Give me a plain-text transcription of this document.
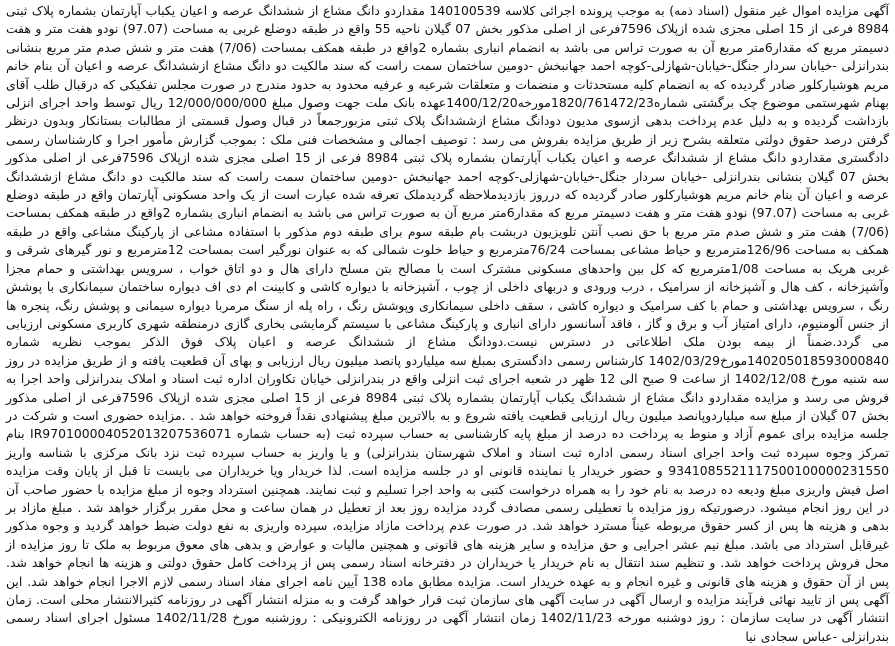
آگهی مزایده اموال غیر منقول (اسناد ذمه) به موجب پرونده اجرائی کلاسه 140100539 مقدارد‌و دانگ مشاع از ششدانگ عرصه و اعیان یکباب آپارتمان بشماره پلاک ثبتی 8984 فرعی از 15 اصلی مجزی شده ازپلاک 7596فرعی از اصلی مذکور بخش 07 گیلان ناحیه 55 واقع در طبقه دوضلع غربی به مساحت (97.07) نودو هفت متر و هفت دسیمتر مربع که مقدار6متر مربع آن به صورت تراس می باشد به انضمام انباری بشماره 2واقع در طبقه همکف بمساحت (7/06) هفت متر و شش صدم متر مربع بنشانی بندرانزلی -خیابان سردار جنگل-خیابان-شهازلی-کوچه احمد جهانبخش -دومین ساختمان سمت راست که سند مالکیت دو دانگ مشاع ازششدانگ عرصه و اعیان آن بنام خانم مریم هوشیارکلور صادر گردیده که به انضمام کلیه مستحدثات و منضمات و متعلقات شرعیه و عرفیه محدود به حدود مندرج در صورت مجلس تفکیکی که درقبال طلب آقای بهنام شهرستمی موضوع چک برگشتی شماره1820/761472/23مورخه1400/12/20عهده بانک ملت جهت وصول مبلغ 12/000/000/000 ریال توسط واحد اجرای انزلی بازداشت گردیده و به دلیل عدم پرداخت بدهی ازسوی مدیون دودانگ مشاع ازششدانگ پلاک ثبتی مزبورجمعاً در قبال وصول قسمتی از مطالبات بستانکار وبدون درنظر گرفتن درصد حقوق دولتی متعلقه بشرح زیر از طریق مزایده بفروش می رسد : توصیف اجمالی و مشخصات فنی ملک : بموجب گزارش مأمور اجرا و کارشناسان رسمی دادگستری مقداردو دانگ مشاع از ششدانگ عرصه و اعیان یکباب آپارتمان بشماره پلاک ثبتی 8984 فرعی از 15 اصلی مجزی شده ازپلاک 7596فرعی از اصلی مذکور بخش 07 گیلان بنشانی بندرانزلی -خیابان سردار جنگل-خیابان-شهازلی-کوچه احمد جهانبخش -دومین ساختمان سمت راست که سند مالکیت دو دانگ مشاع ازششدانگ عرصه و اعیان آن بنام خانم مریم هوشیارکلور صادر گردیده که درروز بازدیدملاحظه گردیدملک تعرفه شده عبارت است از یک واحد مسکونی آپارتمان واقع در طبقه دوضلع غربی به مساحت (97.07) نودو هفت متر و هفت دسیمتر مربع که مقدار6متر مربع آن به صورت تراس می باشد به انضمام انباری بشماره 2واقع در طبقه همکف بمساحت (7/06) هفت متر و شش صدم متر مربع با حق نصب آنتن تلویزیون دربشت بام طبقه سوم برای طبقه دوم مذکور با استفاده مشاعی از پارکینگ مشاعی واقع در طبقه همکف به مساحت 126/96مترمربع و حیاط مشاعی بمساحت 76/24مترمربع و حیاط خلوت شمالی که به عنوان نورگیر است بمساحت 12مترمربع و نور گیرهای شرقی و غربی هریک به مساحت 1/08مترمربع که کل بین واحدهای مسکونی مشترک است با مصالح بتن مسلح دارای هال و دو اتاق خواب ، سرویس بهداشتی و حمام مجزا وآشپزخانه ، کف هال و آشپزخانه از سرامیک ، درب ورودی و دربهای داخلی از چوب ، آشپزخانه با دیواره کاشی و کابینت ام دی اف دیواره ساختمان سیمانکاری با پوشش رنگ ، سرویس بهداشتی و حمام با کف سرامیک و دیواره کاشی ، سقف داخلی سیمانکاری وپوشش رنگ ، راه پله از سنگ مرمربا دیواره سیمانی و پوشش رنگ، پنجره ها از جنس آلومنیوم، دارای امتیاز آب و برق و گاز ، فاقد آسانسور دارای انباری و پارکینگ مشاعی با سیستم گرمایشی بخاری گازی درمنطقه شهری کاربری مسکونی ارزیابی می گردد.ضمناً از بیمه بودن ملک اطلاعاتی در دسترس نیست.دودانگ مشاع از ششدانگ عرصه و اعیان پلاک فوق الذکر بموجب نظریه شماره 140205018593000840مورخ1402/03/29 کارشناس رسمی دادگستری بمبلغ سه میلیاردو پانصد میلیون ریال ارزیابی و بهای آن قطعیت یافته و از طریق مزایده در روز سه شنبه مورخ 1402/12/08 از ساعت 9 صبح الی 12 ظهر در شعبه اجرای ثبت انزلی واقع در بندرانزلی خیابان تکاوران اداره ثبت اسناد و املاک بندرانزلی واحد اجرا به فروش می رسد و مزایده مقداردو دانگ مشاع از ششدانگ یکباب آپارتمان بشماره پلاک ثبتی 8984 فرعی از 15 اصلی مجزی شده ازپلاک 7596فرعی از اصلی مذکور بخش 07 گیلان از مبلغ سه میلیاردوپانصد میلیون ریال ارزیابی قطعیت یافته شروع و به بالاترین مبلغ پیشنهادی نقداً فروخته خواهد شد . .مزایده حضوری است و شرکت در جلسه مزایده برای عموم آزاد و منوط به پرداخت ده درصد از مبلغ پایه کارشناسی به حساب سپرده ثبت (به حساب شماره IR970100004052013207536071 بنام تمرکز وجوه سپرده ثبت واحد اجرای اسناد رسمی اداره ثبت اسناد و املاک شهرستان بندرانزلی) و یا واریز به حساب سپرده ثبت نزد بانک مرکزی با شناسه واریز 9341085521117500100000231550 و حضور خریدار یا نماینده قانونی او در جلسه مزایده است. لذا خریدار ویا خریداران می بایست تا قبل از پایان وقت مزایده اصل فیش واریزی مبلغ ودیعه ده درصد به نام خود را به همراه درخواست کتبی به واحد اجرا تسلیم و ثبت نمایند. همچنین استرداد وجوه از مبلغ مزایده با حضور صاحب آن در این روز انجام میشود. درصورتیکه روز مزایده با تعطیلی رسمی مصادف گردد مزایده روز بعد از تعطیل در همان ساعت و محل مقرر برگزار خواهد شد . مبلغ مازاد بر بدهی و هزینه ها پس از کسر حقوق مربوطه عیناً مسترد خواهد شد. در صورت عدم پرداخت مازاد مزایده، سپرده واریزی به نفع دولت ضبط خواهد گردید و وجوه مذکور غیرقابل استرداد می باشد. مبلغ نیم عشر اجرایی و حق مزایده و سایر هزینه های قانونی و همچنین مالیات و عوارض و بدهی های معوق مربوط به ملک تا روز مزایده از محل فروش پرداخت خواهد شد. و تنظیم سند انتقال به نام خریدار یا خریداران در دفترخانه اسناد رسمی پس از پرداخت کامل حقوق دولتی و هزینه ها انجام خواهد شد. پس از آن حقوق و هزینه های قانونی و غیره انجام و به عهده خریدار است. مزایده مطابق ماده 138 آیین نامه اجرای مفاد اسناد رسمی لازم الاجرا انجام خواهد شد. این آگهی پس از تایید نهائی فرآیند مزایده و ارسال آگهی در سایت آگهی های سازمان ثبت قرار خواهد گرفت و به منزله انتشار آگهی در روزنامه کثیرالانتشار محلی است. زمان انتشار آگهی در سایت سازمان : روز دوشنبه مورخه 1402/11/23 زمان انتشار آگهی در روزنامه الکترونیکی : روزشنبه مورخ 1402/11/28 مسئول اجرای اسناد رسمی بندرانزلی -عباس سجادی نیا
